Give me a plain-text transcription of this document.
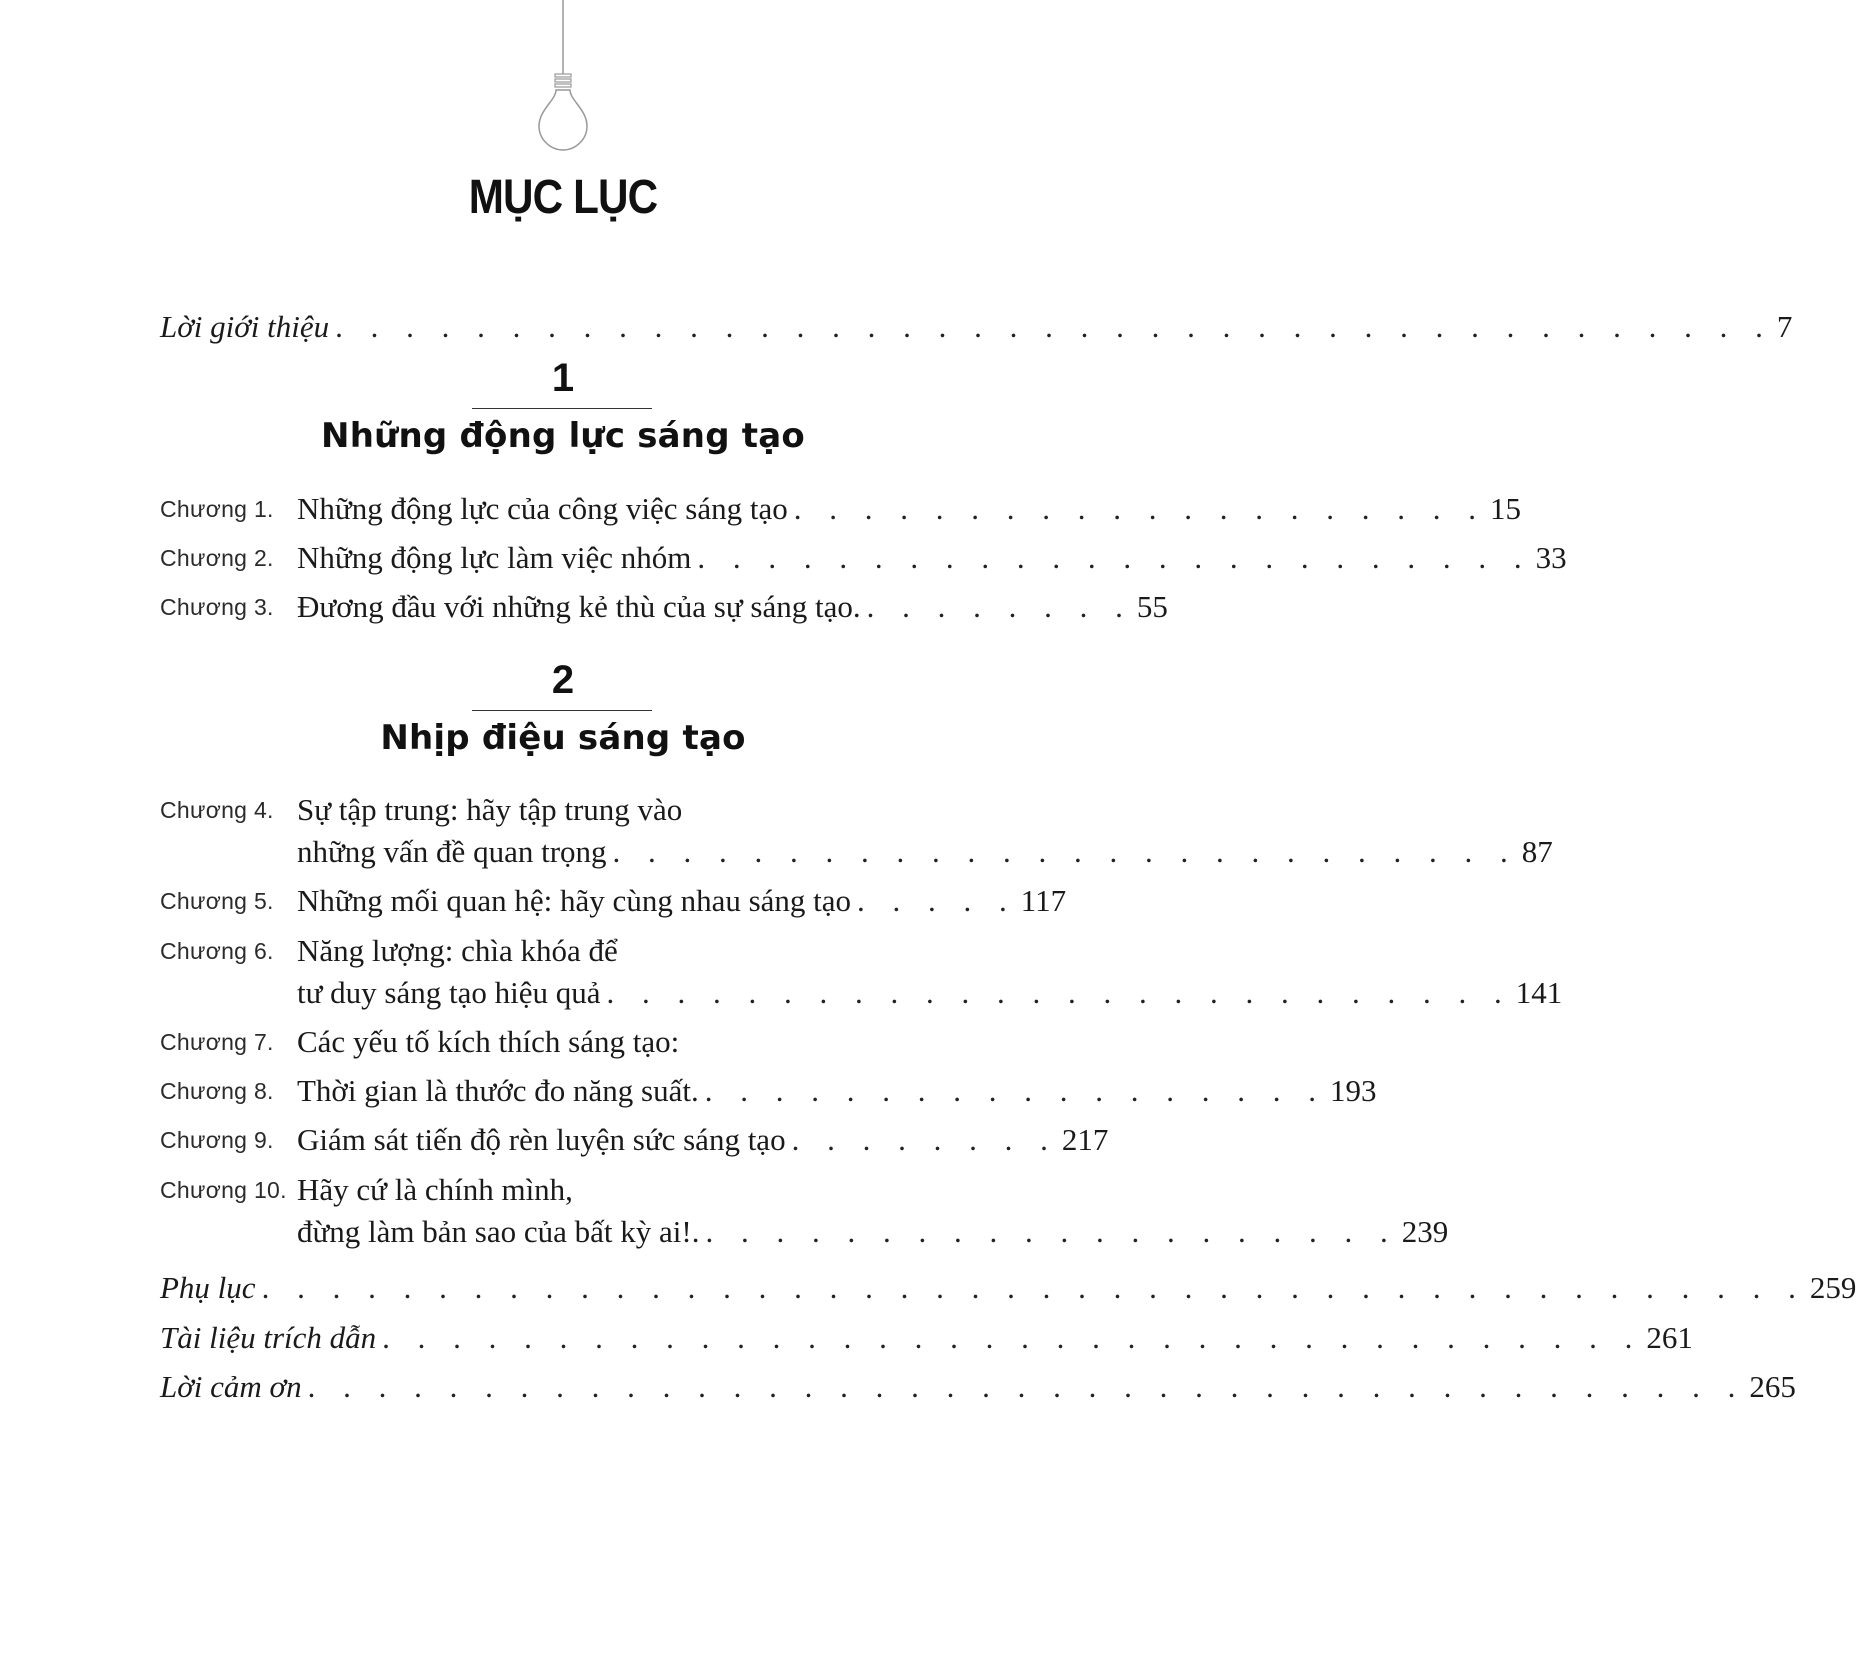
MỤC LỤC
Lời giới thiệu . . . . . . . . . . . . . . . . . . . . . . . . . . . . . . . . . . . . . . . . . 7
1
Những động lực sáng tạo
Chương 1. Những động lực của công việc sáng tạo . . . . . . . . . . . . . . . . . . . . 15
Chương 2. Những động lực làm việc nhóm . . . . . . . . . . . . . . . . . . . . . . . . 33
Chương 3. Đương đầu với những kẻ thù của sự sáng tạo. . . . . . . . . 55
2
Nhịp điệu sáng tạo
Chương 4. Sự tập trung: hãy tập trung vào
những vấn đề quan trọng . . . . . . . . . . . . . . . . . . . . . . . . . . 87
Chương 5. Những mối quan hệ: hãy cùng nhau sáng tạo . . . . . 117
Chương 6. Năng lượng: chìa khóa để
tư duy sáng tạo hiệu quả . . . . . . . . . . . . . . . . . . . . . . . . . . 141
Chương 7. Các yếu tố kích thích sáng tạo:
Chương 8. Thời gian là thước đo năng suất. . . . . . . . . . . . . . . . . . . 193
Chương 9. Giám sát tiến độ rèn luyện sức sáng tạo . . . . . . . . 217
Chương 10. Hãy cứ là chính mình,
đừng làm bản sao của bất kỳ ai!. . . . . . . . . . . . . . . . . . . . . 239
Phụ lục . . . . . . . . . . . . . . . . . . . . . . . . . . . . . . . . . . . . . . . . . . . . 259
Tài liệu trích dẫn . . . . . . . . . . . . . . . . . . . . . . . . . . . . . . . . . . . . 261
Lời cảm ơn . . . . . . . . . . . . . . . . . . . . . . . . . . . . . . . . . . . . . . . . . 265
